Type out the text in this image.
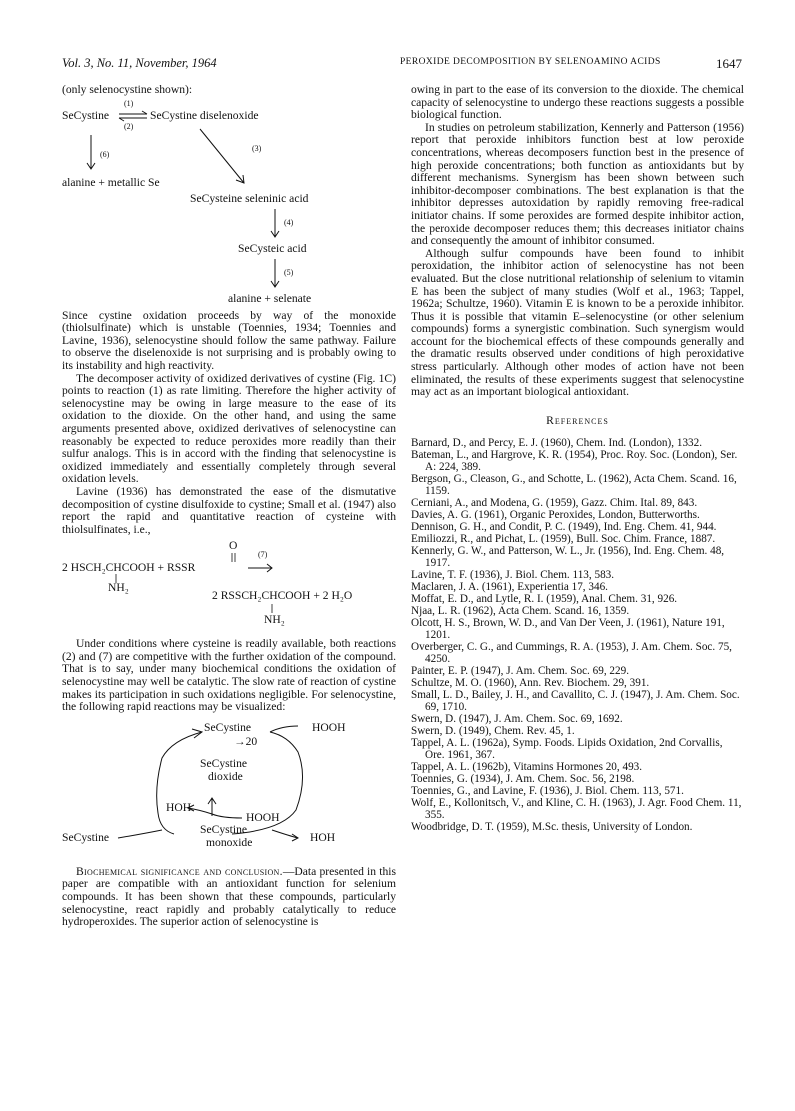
Vol. 3, No. 11, November, 1964	PEROXIDE DECOMPOSITION BY SELENOAMINO ACIDS	1647

(only selenocystine shown):

(1)
SeCystine ⇌ SeCystine diselenoxide
(2)
(6)
(3)
alanine + metallic Se
SeCysteine seleninic acid
(4)
SeCysteic acid
(5)
alanine + selenate

Since cystine oxidation proceeds by way of the monoxide (thiolsulfinate) which is unstable (Toennies, 1934; Toennies and Lavine, 1936), selenocystine should follow the same pathway. Failure to observe the diselenoxide is not surprising and is probably owing to its instability and high reactivity.

The decomposer activity of oxidized derivatives of cystine (Fig. 1C) points to reaction (1) as rate limiting. Therefore the higher activity of selenocystine may be owing in large measure to the ease of its oxidation to the dioxide. On the other hand, and using the same arguments presented above, oxidized derivatives of selenocystine can reasonably be expected to reduce peroxides more readily than their sulfur analogs. This is in accord with the finding that selenocystine is oxidized immediately and essentially completely through several oxidation levels.

Lavine (1936) has demonstrated the ease of the dismutative decomposition of cystine disulfoxide to cystine; Small et al. (1947) also report the rapid and quantitative reaction of cysteine with thiolsulfinates, i.e.,

O
(7)
2 HSCH₂CHCOOH + RSSR
NH₂
2 RSSCH₂CHCOOH + 2 H₂O
NH₂

Under conditions where cysteine is readily available, both reactions (2) and (7) are competitive with the further oxidation of the compound. That is to say, under many biochemical conditions the oxidation of selenocystine may well be catalytic. The slow rate of reaction of cystine makes its participation in such oxidations negligible. For selenocystine, the following rapid reactions may be visualized:

SeCystine	HOOH
→20
SeCystine
dioxide
HOH
HOOH
SeCystine
SeCystine
monoxide	HOH

Biochemical significance and conclusion.—Data presented in this paper are compatible with an antioxidant function for selenium compounds. It has been shown that these compounds, particularly selenocystine, react rapidly and probably catalytically to reduce hydroperoxides. The superior action of selenocystine is

owing in part to the ease of its conversion to the dioxide. The chemical capacity of selenocystine to undergo these reactions suggests a possible biological function.

In studies on petroleum stabilization, Kennerly and Patterson (1956) report that peroxide inhibitors function best at low peroxide concentrations, whereas decomposers function best in the presence of high peroxide concentrations; both function as antioxidants but by different mechanisms. Synergism has been shown between such inhibitor-decomposer combinations. The best explanation is that the inhibitor depresses autoxidation by rapidly removing free-radical initiator chains. If some peroxides are formed despite inhibitor action, the peroxide decomposer reduces them; this decreases initiator chains and consequently the amount of inhibitor consumed.

Although sulfur compounds have been found to inhibit peroxidation, the inhibitor action of selenocystine has not been evaluated. But the close nutritional relationship of selenium to vitamin E has been the subject of many studies (Wolf et al., 1963; Tappel, 1962a; Schultze, 1960). Vitamin E is known to be a peroxide inhibitor. Thus it is possible that vitamin E–selenocystine (or other selenium compounds) forms a synergistic combination. Such synergism would account for the biochemical effects of these compounds generally and the dramatic results observed under conditions of high peroxidative stress particularly. Although other modes of action have not been eliminated, the results of these experiments suggest that selenocystine may act as an important biological antioxidant.

References

Barnard, D., and Percy, E. J. (1960), Chem. Ind. (London), 1332.

Bateman, L., and Hargrove, K. R. (1954), Proc. Roy. Soc. (London), Ser. A: 224, 389.

Bergson, G., Cleason, G., and Schotte, L. (1962), Acta Chem. Scand. 16, 1159.

Cerniani, A., and Modena, G. (1959), Gazz. Chim. Ital. 89, 843.

Davies, A. G. (1961), Organic Peroxides, London, Butterworths.

Dennison, G. H., and Condit, P. C. (1949), Ind. Eng. Chem. 41, 944.

Emiliozzi, R., and Pichat, L. (1959), Bull. Soc. Chim. France, 1887.

Kennerly, G. W., and Patterson, W. L., Jr. (1956), Ind. Eng. Chem. 48, 1917.

Lavine, T. F. (1936), J. Biol. Chem. 113, 583.

Maclaren, J. A. (1961), Experientia 17, 346.

Moffat, E. D., and Lytle, R. I. (1959), Anal. Chem. 31, 926.

Njaa, L. R. (1962), Acta Chem. Scand. 16, 1359.

Olcott, H. S., Brown, W. D., and Van Der Veen, J. (1961), Nature 191, 1201.

Overberger, C. G., and Cummings, R. A. (1953), J. Am. Chem. Soc. 75, 4250.

Painter, E. P. (1947), J. Am. Chem. Soc. 69, 229.

Schultze, M. O. (1960), Ann. Rev. Biochem. 29, 391.

Small, L. D., Bailey, J. H., and Cavallito, C. J. (1947), J. Am. Chem. Soc. 69, 1710.

Swern, D. (1947), J. Am. Chem. Soc. 69, 1692.

Swern, D. (1949), Chem. Rev. 45, 1.

Tappel, A. L. (1962a), Symp. Foods. Lipids Oxidation, 2nd Corvallis, Ore. 1961, 367.

Tappel, A. L. (1962b), Vitamins Hormones 20, 493.

Toennies, G. (1934), J. Am. Chem. Soc. 56, 2198.

Toennies, G., and Lavine, F. (1936), J. Biol. Chem. 113, 571.

Wolf, E., Kollonitsch, V., and Kline, C. H. (1963), J. Agr. Food Chem. 11, 355.

Woodbridge, D. T. (1959), M.Sc. thesis, University of London.
